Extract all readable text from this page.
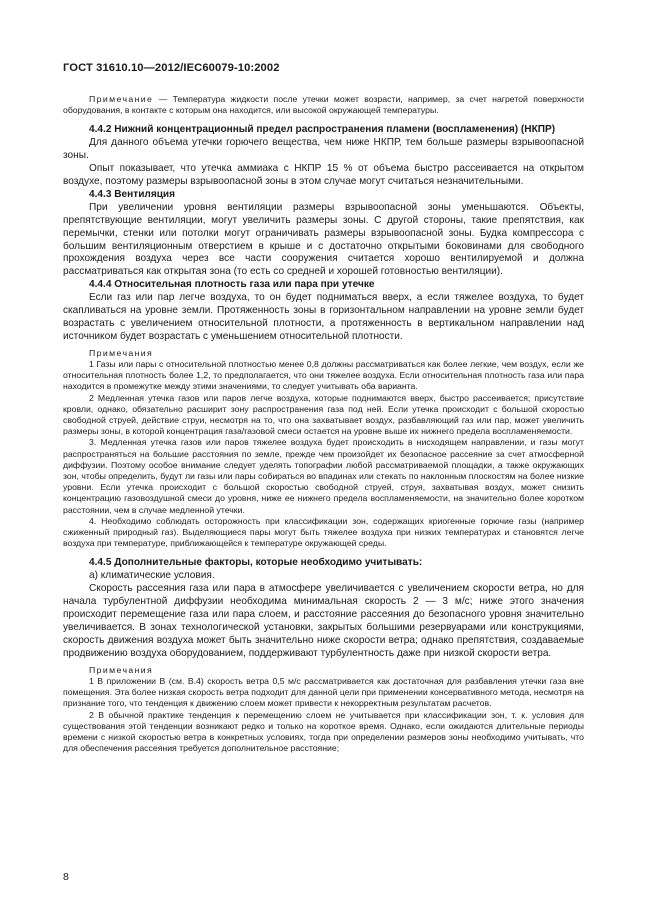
ГОСТ 31610.10—2012/IEC60079-10:2002

Примечание — Температура жидкости после утечки может возрасти, например, за счет нагретой поверхности оборудования, в контакте с которым она находится, или высокой окружающей температуры.

4.4.2 Нижний концентрационный предел распространения пламени (воспламенения) (НКПР)

Для данного объема утечки горючего вещества, чем ниже НКПР, тем больше размеры взрывоопасной зоны.

Опыт показывает, что утечка аммиака с НКПР 15 % от объема быстро рассеивается на открытом воздухе, поэтому размеры взрывоопасной зоны в этом случае могут считаться незначительными.

4.4.3 Вентиляция

При увеличении уровня вентиляции размеры взрывоопасной зоны уменьшаются. Объекты, препятствующие вентиляции, могут увеличить размеры зоны. С другой стороны, такие препятствия, как перемычки, стенки или потолки могут ограничивать размеры взрывоопасной зоны. Будка компрессора с большим вентиляционным отверстием в крыше и с достаточно открытыми боковинами для свободного прохождения воздуха через все части сооружения считается хорошо вентилируемой и должна рассматриваться как открытая зона (то есть со средней и хорошей готовностью вентиляции).

4.4.4 Относительная плотность газа или пара при утечке

Если газ или пар легче воздуха, то он будет подниматься вверх, а если тяжелее воздуха, то будет скапливаться на уровне земли. Протяженность зоны в горизонтальном направлении на уровне земли будет возрастать с увеличением относительной плотности, а протяженность в вертикальном направлении над источником будет возрастать с уменьшением относительной плотности.

Примечания

1 Газы или пары с относительной плотностью менее 0,8 должны рассматриваться как более легкие, чем воздух, если же относительная плотность более 1,2, то предполагается, что они тяжелее воздуха. Если относительная плотность газа или пара находится в промежутке между этими значениями, то следует учитывать оба варианта.

2 Медленная утечка газов или паров легче воздуха, которые поднимаются вверх, быстро рассеивается; присутствие кровли, однако, обязательно расширит зону распространения газа под ней. Если утечка происходит с большой скоростью свободной струей, действие струи, несмотря на то, что она захватывает воздух, разбавляющий газ или пар, может увеличить размеры зоны, в которой концентрация газа/газовой смеси остается на уровне выше их нижнего предела воспламеняемости.

3. Медленная утечка газов или паров тяжелее воздуха будет происходить в нисходящем направлении, и газы могут распространяться на большие расстояния по земле, прежде чем произойдет их безопасное рассеяние за счет атмосферной диффузии. Поэтому особое внимание следует уделять топографии любой рассматриваемой площадки, а также окружающих зон, чтобы определить, будут ли газы или пары собираться во впадинах или стекать по наклонным плоскостям на более низкие уровни. Если утечка происходит с большой скоростью свободной струей, струя, захватывая воздух, может снизить концентрацию газовоздушной смеси до уровня, ниже ее нижнего предела воспламеняемости, на значительно более коротком расстоянии, чем в случае медленной утечки.

4. Необходимо соблюдать осторожность при классификации зон, содержащих криогенные горючие газы (например сжиженный природный газ). Выделяющиеся пары могут быть тяжелее воздуха при низких температурах и становятся легче воздуха при температуре, приближающейся к температуре окружающей среды.

4.4.5 Дополнительные факторы, которые необходимо учитывать:

а) климатические условия.

Скорость рассеяния газа или пара в атмосфере увеличивается с увеличением скорости ветра, но для начала турбулентной диффузии необходима минимальная скорость 2 — 3 м/с; ниже этого значения происходит перемещение газа или пара слоем, и расстояние рассеяния до безопасного уровня значительно увеличивается. В зонах технологической установки, закрытых большими резервуарами или конструкциями, скорость движения воздуха может быть значительно ниже скорости ветра; однако препятствия, создаваемые продвижению воздуха оборудованием, поддерживают турбулентность даже при низкой скорости ветра.

Примечания

1 В приложении В (см. В.4) скорость ветра 0,5 м/с рассматривается как достаточная для разбавления утечки газа вне помещения. Эта более низкая скорость ветра подходит для данной цели при применении консервативного метода, несмотря на признание того, что тенденция к движению слоем может привести к некорректным результатам расчетов.

2 В обычной практике тенденция к перемещению слоем не учитывается при классификации зон, т. к. условия для существования этой тенденции возникают редко и только на короткое время. Однако, если ожидаются длительные периоды времени с низкой скоростью ветра в конкретных условиях, тогда при определении размеров зоны необходимо учитывать, что для обеспечения рассеяния требуется дополнительное расстояние;

8
